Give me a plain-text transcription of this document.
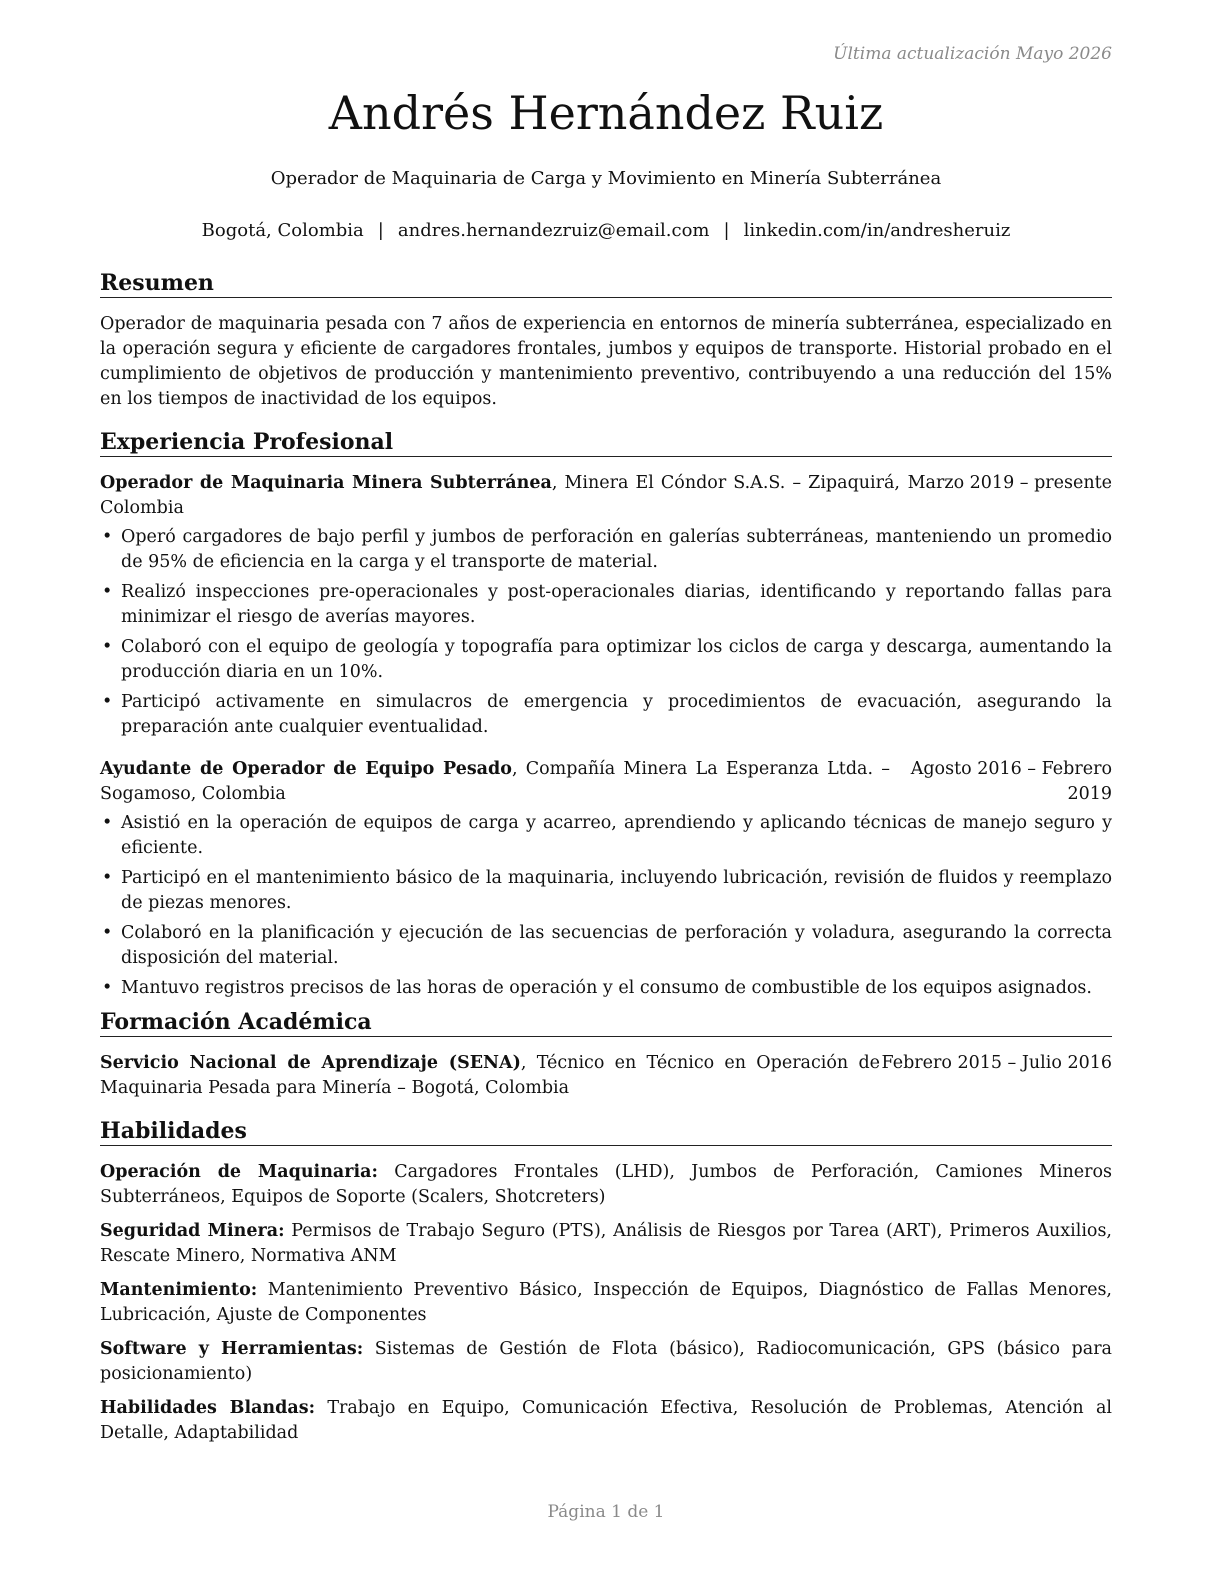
Última actualización Mayo 2026
Andrés Hernández Ruiz
Operador de Maquinaria de Carga y Movimiento en Minería Subterránea
Bogotá, Colombia | andres.hernandezruiz@email.com | linkedin.com/in/andresheruiz
Resumen

Operador de maquinaria pesada con 7 años de experiencia en entornos de minería subterránea, especializado en la operación segura y eficiente de cargadores frontales, jumbos y equipos de transporte. Historial probado en el cumplimiento de objetivos de producción y mantenimiento preventivo, contribuyendo a una reducción del 15% en los tiempos de inactividad de los equipos.

Experiencia Profesional
Operador de Maquinaria Minera Subterránea, Minera El Cóndor S.A.S. – Zipaquirá, Colombia
Marzo 2019 – presente
• Operó cargadores de bajo perfil y jumbos de perforación en galerías subterráneas, manteniendo un promedio de 95% de eficiencia en la carga y el transporte de material.
• Realizó inspecciones pre-operacionales y post-operacionales diarias, identificando y reportando fallas para minimizar el riesgo de averías mayores.
• Colaboró con el equipo de geología y topografía para optimizar los ciclos de carga y descarga, aumentando la producción diaria en un 10%.
• Participó activamente en simulacros de emergencia y procedimientos de evacuación, asegurando la preparación ante cualquier eventualidad.
Ayudante de Operador de Equipo Pesado, Compañía Minera La Esperanza Ltda. – Sogamoso, Colombia
Agosto 2016 – Febrero 2019
• Asistió en la operación de equipos de carga y acarreo, aprendiendo y aplicando técnicas de manejo seguro y eficiente.
• Participó en el mantenimiento básico de la maquinaria, incluyendo lubricación, revisión de fluidos y reemplazo de piezas menores.
• Colaboró en la planificación y ejecución de las secuencias de perforación y voladura, asegurando la correcta disposición del material.
• Mantuvo registros precisos de las horas de operación y el consumo de combustible de los equipos asignados.
Formación Académica
Servicio Nacional de Aprendizaje (SENA), Técnico en Técnico en Operación de Maquinaria Pesada para Minería – Bogotá, Colombia
Febrero 2015 – Julio 2016
Habilidades
Operación de Maquinaria: Cargadores Frontales (LHD), Jumbos de Perforación, Camiones Mineros Subterráneos, Equipos de Soporte (Scalers, Shotcreters)
Seguridad Minera: Permisos de Trabajo Seguro (PTS), Análisis de Riesgos por Tarea (ART), Primeros Auxilios, Rescate Minero, Normativa ANM
Mantenimiento: Mantenimiento Preventivo Básico, Inspección de Equipos, Diagnóstico de Fallas Menores, Lubricación, Ajuste de Componentes
Software y Herramientas: Sistemas de Gestión de Flota (básico), Radiocomunicación, GPS (básico para posicionamiento)
Habilidades Blandas: Trabajo en Equipo, Comunicación Efectiva, Resolución de Problemas, Atención al Detalle, Adaptabilidad
Página 1 de 1
